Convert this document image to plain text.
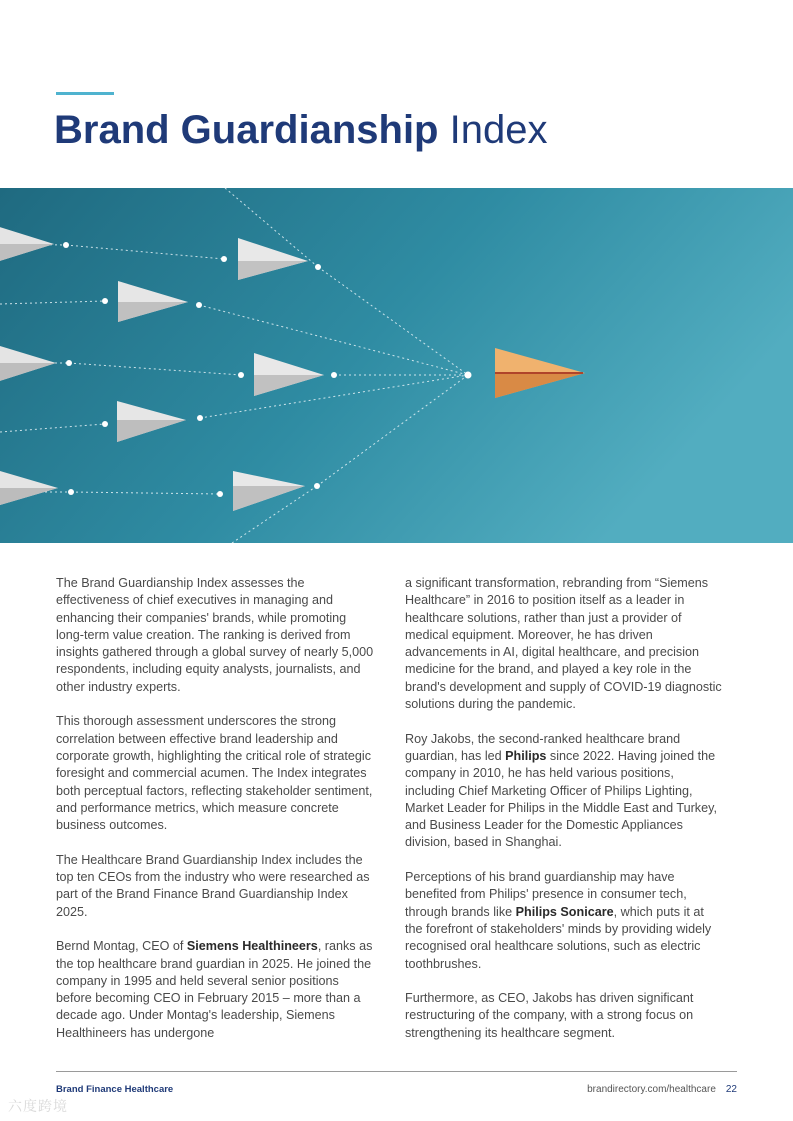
Brand Guardianship Index

The Brand Guardianship Index assesses the effectiveness of chief executives in managing and enhancing their companies' brands, while promoting long-term value creation. The ranking is derived from insights gathered through a global survey of nearly 5,000 respondents, including equity analysts, journalists, and other industry experts.

This thorough assessment underscores the strong correlation between effective brand leadership and corporate growth, highlighting the critical role of strategic foresight and commercial acumen. The Index integrates both perceptual factors, reflecting stakeholder sentiment, and performance metrics, which measure concrete business outcomes.

The Healthcare Brand Guardianship Index includes the top ten CEOs from the industry who were researched as part of the Brand Finance Brand Guardianship Index 2025.

Bernd Montag, CEO of Siemens Healthineers, ranks as the top healthcare brand guardian in 2025. He joined the company in 1995 and held several senior positions before becoming CEO in February 2015 – more than a decade ago. Under Montag's leadership, Siemens Healthineers has undergone

a significant transformation, rebranding from “Siemens Healthcare” in 2016 to position itself as a leader in healthcare solutions, rather than just a provider of medical equipment. Moreover, he has driven advancements in AI, digital healthcare, and precision medicine for the brand, and played a key role in the brand's development and supply of COVID-19 diagnostic solutions during the pandemic.

Roy Jakobs, the second-ranked healthcare brand guardian, has led Philips since 2022. Having joined the company in 2010, he has held various positions, including Chief Marketing Officer of Philips Lighting, Market Leader for Philips in the Middle East and Turkey, and Business Leader for the Domestic Appliances division, based in Shanghai.

Perceptions of his brand guardianship may have benefited from Philips' presence in consumer tech, through brands like Philips Sonicare, which puts it at the forefront of stakeholders' minds by providing widely recognised oral healthcare solutions, such as electric toothbrushes.

Furthermore, as CEO, Jakobs has driven significant restructuring of the company, with a strong focus on strengthening its healthcare segment.

Brand Finance Healthcare	brandirectory.com/healthcare 22
六度跨境
